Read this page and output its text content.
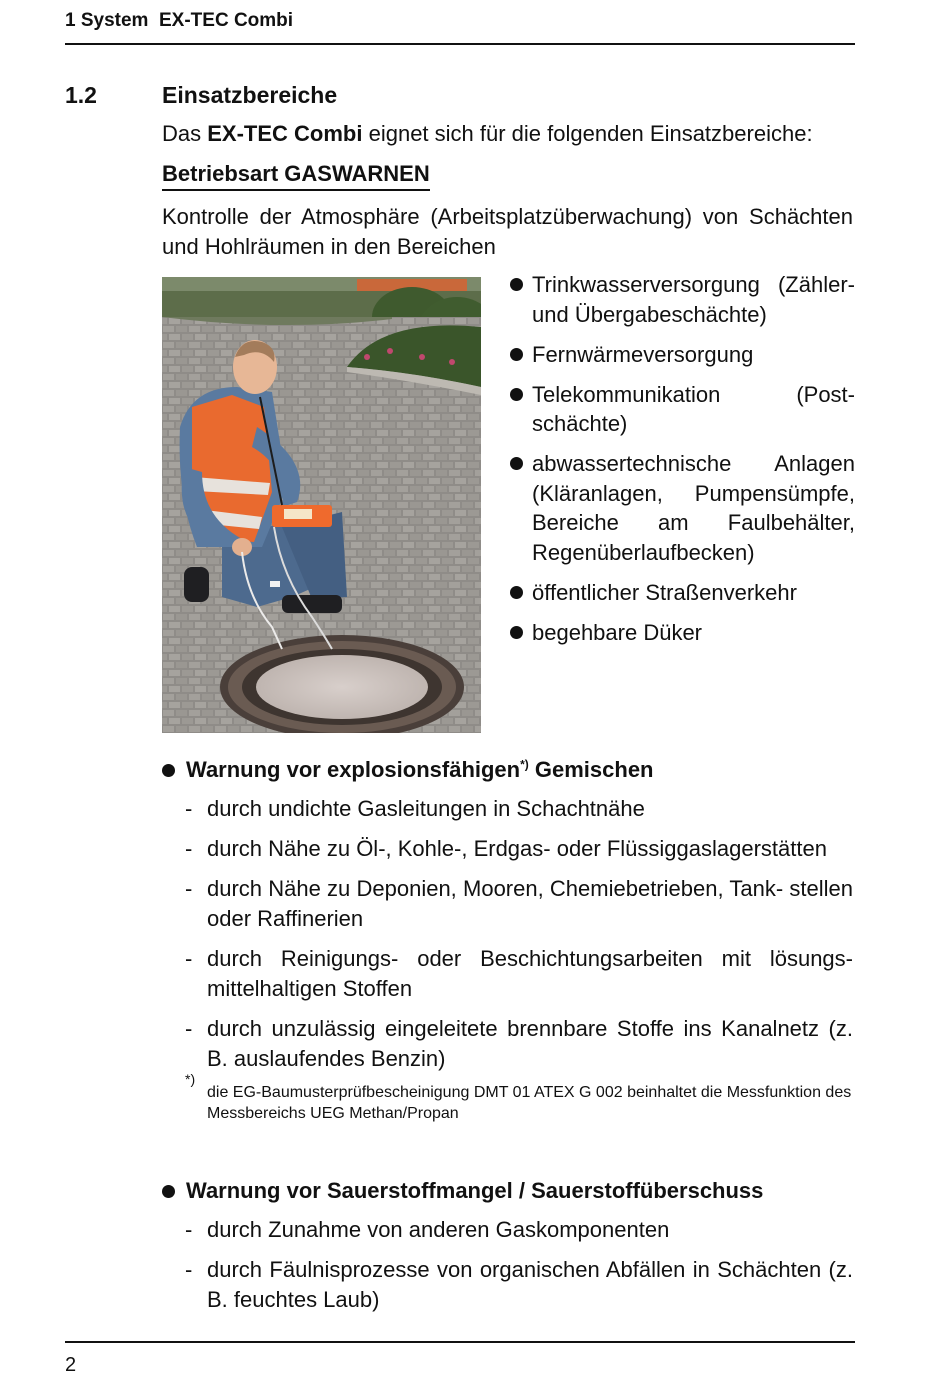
1 System  EX-TEC Combi
1.2	Einsatzbereiche
Das EX-TEC Combi eignet sich für die folgenden Einsatzbereiche:
Betriebsart GASWARNEN
Kontrolle der Atmosphäre (Arbeitsplatzüberwachung) von Schächten und Hohlräumen in den Bereichen
Trinkwasserversorgung (Zähler- und Übergabeschächte)
Fernwärmeversorgung
Telekommunikation (Post- schächte)
abwassertechnische Anlagen (Kläranlagen, Pumpensümpfe, Bereiche am Faulbehälter, Regenüberlaufbecken)
öffentlicher Straßenverkehr
begehbare Düker
Warnung vor explosionsfähigen*) Gemischen
- durch undichte Gasleitungen in Schachtnähe
- durch Nähe zu Öl-, Kohle-, Erdgas- oder Flüssiggaslagerstätten
- durch Nähe zu Deponien, Mooren, Chemiebetrieben, Tank- stellen oder Raffinerien
- durch Reinigungs- oder Beschichtungsarbeiten mit lösungs- mittelhaltigen Stoffen
- durch unzulässig eingeleitete brennbare Stoffe ins Kanalnetz (z. B. auslaufendes Benzin)
*)
die EG-Baumusterprüfbescheinigung DMT 01 ATEX G 002 beinhaltet die Messfunktion des Messbereichs UEG Methan/Propan
Warnung vor Sauerstoffmangel / Sauerstoffüberschuss
- durch Zunahme von anderen Gaskomponenten
- durch Fäulnisprozesse von organischen Abfällen in Schächten (z. B. feuchtes Laub)
2
